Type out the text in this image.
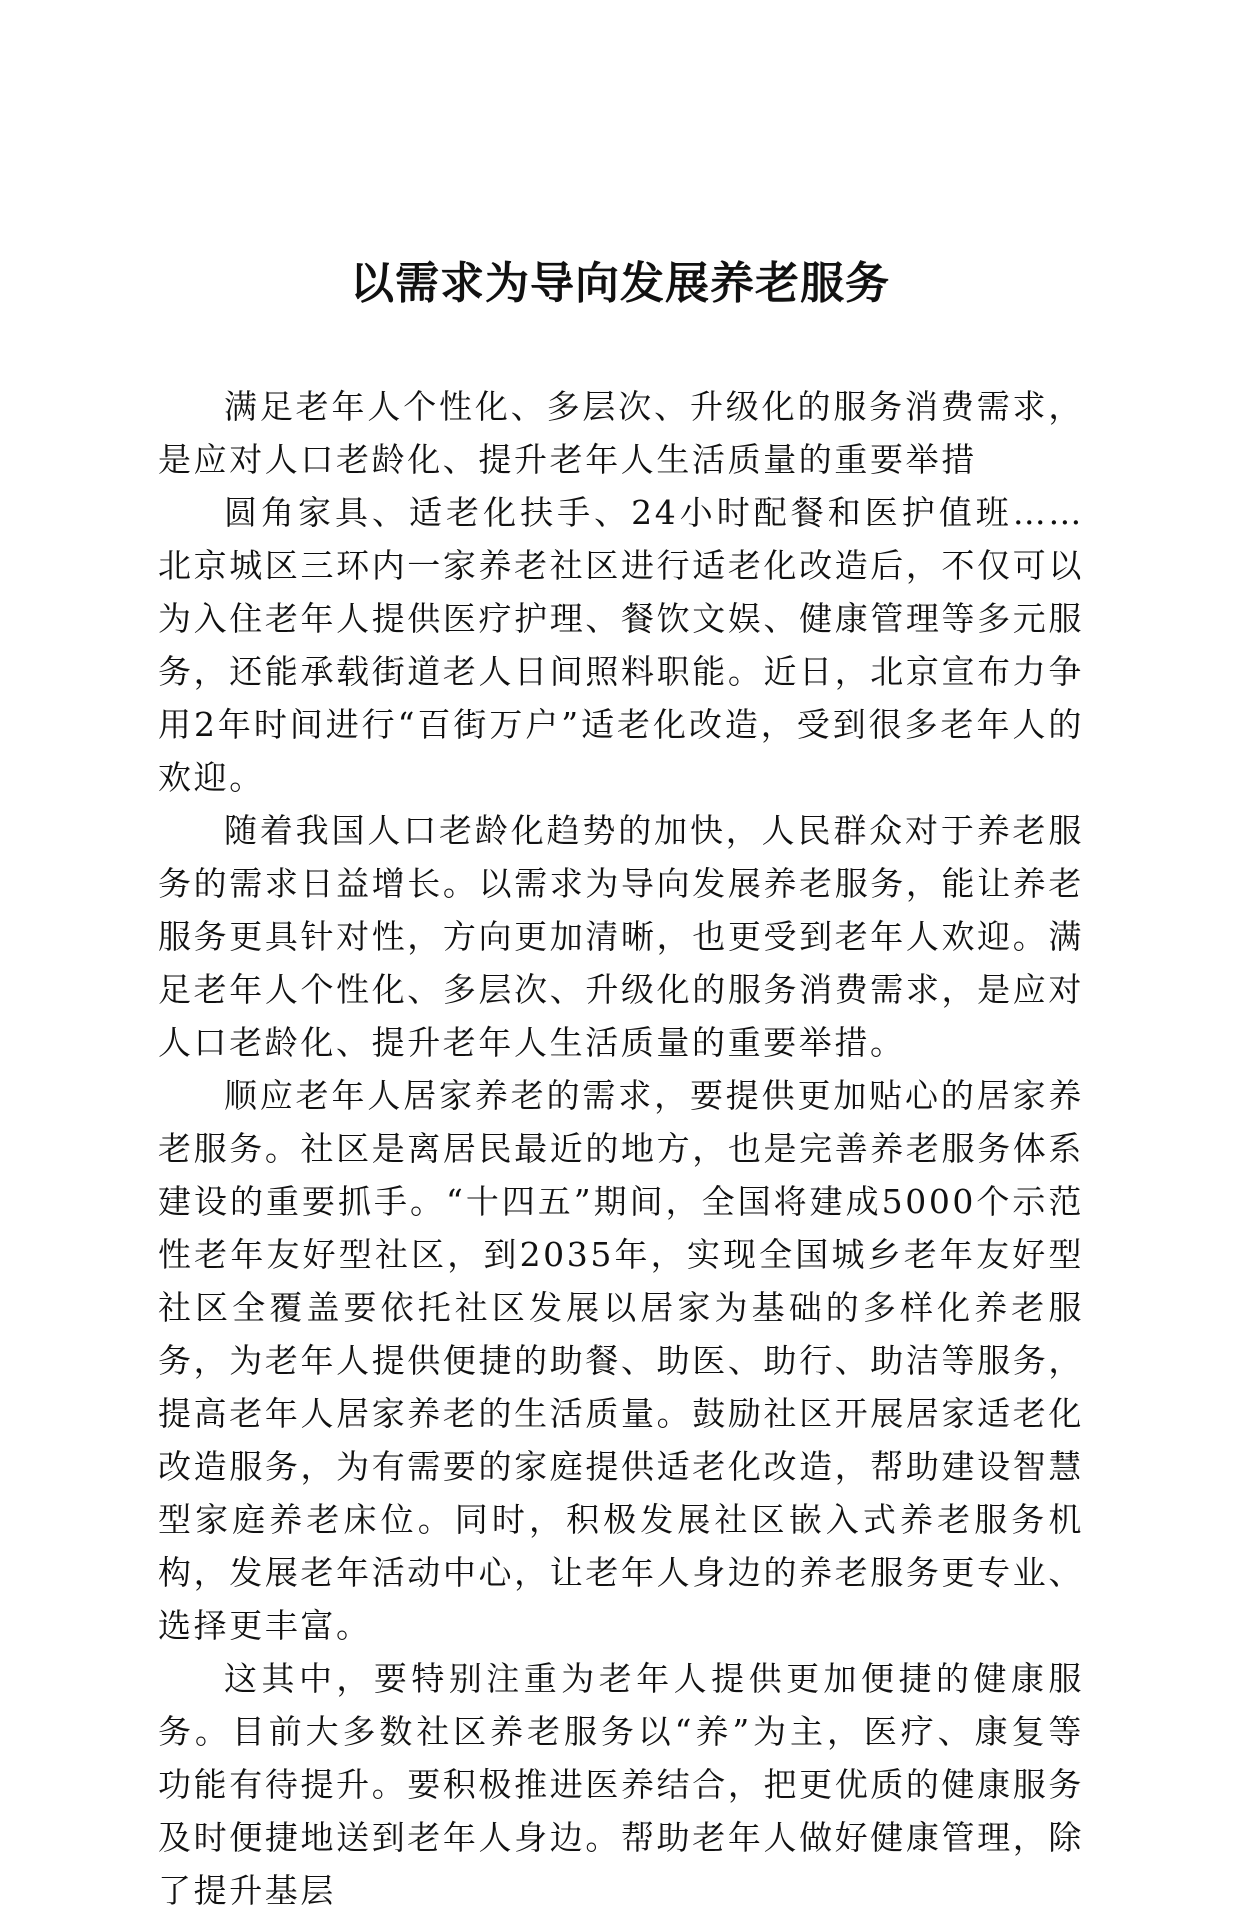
以需求为导向发展养老服务

满足老年人个性化、多层次、升级化的服务消费需求，是应对人口老龄化、提升老年人生活质量的重要举措

圆角家具、适老化扶手、24小时配餐和医护值班……北京城区三环内一家养老社区进行适老化改造后，不仅可以为入住老年人提供医疗护理、餐饮文娱、健康管理等多元服务，还能承载街道老人日间照料职能。近日，北京宣布力争用2年时间进行“百街万户”适老化改造，受到很多老年人的欢迎。

随着我国人口老龄化趋势的加快，人民群众对于养老服务的需求日益增长。以需求为导向发展养老服务，能让养老服务更具针对性，方向更加清晰，也更受到老年人欢迎。满足老年人个性化、多层次、升级化的服务消费需求，是应对人口老龄化、提升老年人生活质量的重要举措。

顺应老年人居家养老的需求，要提供更加贴心的居家养老服务。社区是离居民最近的地方，也是完善养老服务体系建设的重要抓手。“十四五”期间，全国将建成5000个示范性老年友好型社区，到2035年，实现全国城乡老年友好型社区全覆盖要依托社区发展以居家为基础的多样化养老服务，为老年人提供便捷的助餐、助医、助行、助洁等服务，提高老年人居家养老的生活质量。鼓励社区开展居家适老化改造服务，为有需要的家庭提供适老化改造，帮助建设智慧型家庭养老床位。同时，积极发展社区嵌入式养老服务机构，发展老年活动中心，让老年人身边的养老服务更专业、选择更丰富。

这其中，要特别注重为老年人提供更加便捷的健康服务。目前大多数社区养老服务以“养”为主，医疗、康复等功能有待提升。要积极推进医养结合，把更优质的健康服务及时便捷地送到老年人身边。帮助老年人做好健康管理，除了提升基层
